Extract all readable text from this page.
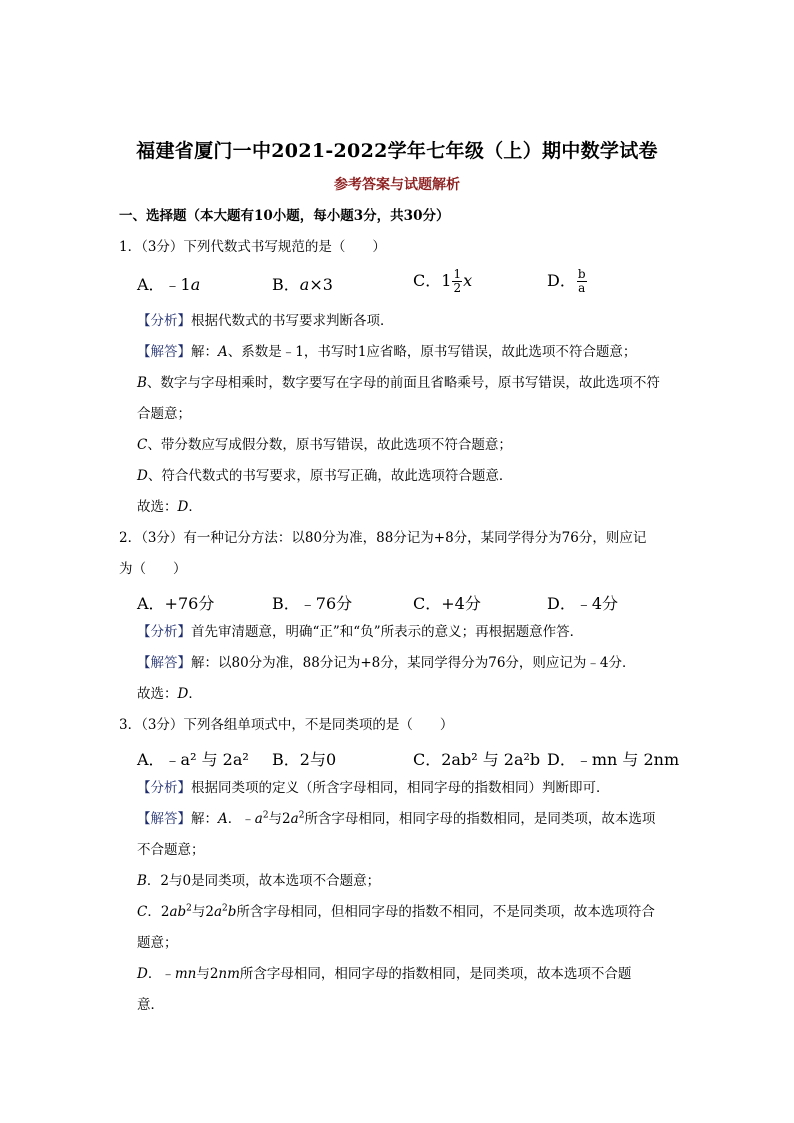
福建省厦门一中2021-2022学年七年级（上）期中数学试卷
参考答案与试题解析
一、选择题（本大题有10小题，每小题3分，共30分）
1．（3分）下列代数式书写规范的是（　　）
A．﹣1a	B．a×3	C．$1 \frac{1}{2}$ x	D． $\frac{b}{a}$
【分析】根据代数式的书写要求判断各项．
【解答】解：A、系数是﹣1，书写时1应省略，原书写错误，故此选项不符合题意；
B、数字与字母相乘时，数字要写在字母的前面且省略乘号，原书写错误，故此选项不符
合题意；
C、带分数应写成假分数，原书写错误，故此选项不符合题意；
D、符合代数式的书写要求，原书写正确，故此选项符合题意．
故选：D．
2．（3分）有一种记分方法：以80分为准，88分记为+8分，某同学得分为76分，则应记
为（　　）
A．+76分	B．﹣76分	C．+4分	D．﹣4分
【分析】首先审清题意，明确“正”和“负”所表示的意义；再根据题意作答．
【解答】解：以80分为准，88分记为+8分，某同学得分为76分，则应记为﹣4分．
故选：D．
3．（3分）下列各组单项式中，不是同类项的是（　　）
A．﹣a² 与 2a² B．2与0	C．2ab² 与 2a²b D．﹣mn 与 2nm
【分析】根据同类项的定义（所含字母相同，相同字母的指数相同）判断即可．
【解答】解：A．$﹣a^2$与$2a^2$所含字母相同，相同字母的指数相同，是同类项，故本选项
不合题意；
B．2与0是同类项，故本选项不合题意；
C．$2ab^2$与$2a^2b$所含字母相同，但相同字母的指数不相同，不是同类项，故本选项符合
题意；
D．﹣mn与2nm所含字母相同，相同字母的指数相同，是同类项，故本选项不合题
意．
